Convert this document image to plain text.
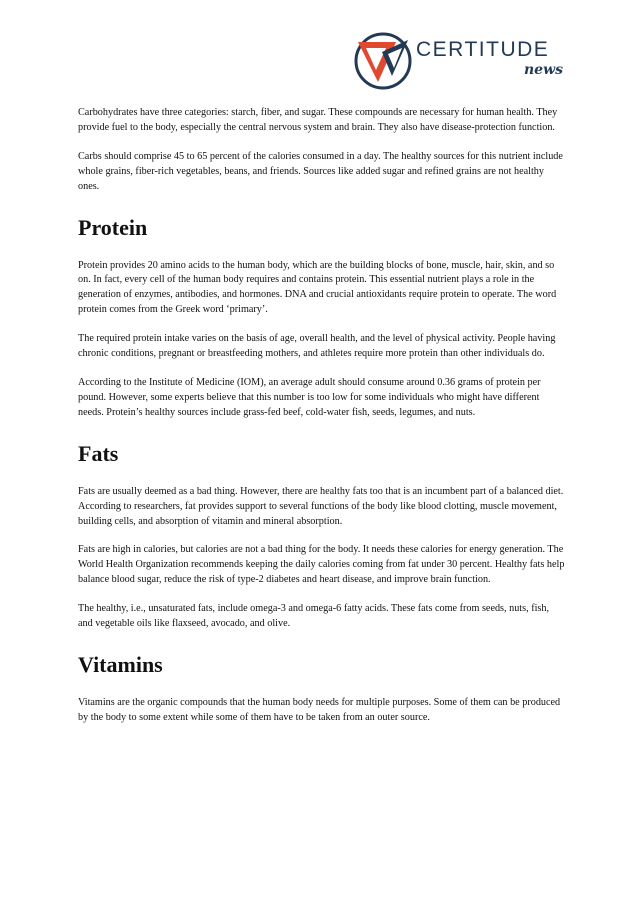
CERTITUDE
news

Carbohydrates have three categories: starch, fiber, and sugar. These compounds are necessary for human health. They provide fuel to the body, especially the central nervous system and brain. They also have disease-protection function.

Carbs should comprise 45 to 65 percent of the calories consumed in a day. The healthy sources for this nutrient include whole grains, fiber-rich vegetables, beans, and friends. Sources like added sugar and refined grains are not healthy ones.

Protein

Protein provides 20 amino acids to the human body, which are the building blocks of bone, muscle, hair, skin, and so on. In fact, every cell of the human body requires and contains protein. This essential nutrient plays a role in the generation of enzymes, antibodies, and hormones. DNA and crucial antioxidants require protein to operate. The word protein comes from the Greek word ‘primary’.

The required protein intake varies on the basis of age, overall health, and the level of physical activity. People having chronic conditions, pregnant or breastfeeding mothers, and athletes require more protein than other individuals do.

According to the Institute of Medicine (IOM), an average adult should consume around 0.36 grams of protein per pound. However, some experts believe that this number is too low for some individuals who might have different needs. Protein’s healthy sources include grass-fed beef, cold-water fish, seeds, legumes, and nuts.

Fats

Fats are usually deemed as a bad thing. However, there are healthy fats too that is an incumbent part of a balanced diet. According to researchers, fat provides support to several functions of the body like blood clotting, muscle movement, building cells, and absorption of vitamin and mineral absorption.

Fats are high in calories, but calories are not a bad thing for the body. It needs these calories for energy generation. The World Health Organization recommends keeping the daily calories coming from fat under 30 percent. Healthy fats help balance blood sugar, reduce the risk of type-2 diabetes and heart disease, and improve brain function.

The healthy, i.e., unsaturated fats, include omega-3 and omega-6 fatty acids. These fats come from seeds, nuts, fish, and vegetable oils like flaxseed, avocado, and olive.

Vitamins

Vitamins are the organic compounds that the human body needs for multiple purposes. Some of them can be produced by the body to some extent while some of them have to be taken from an outer source.
